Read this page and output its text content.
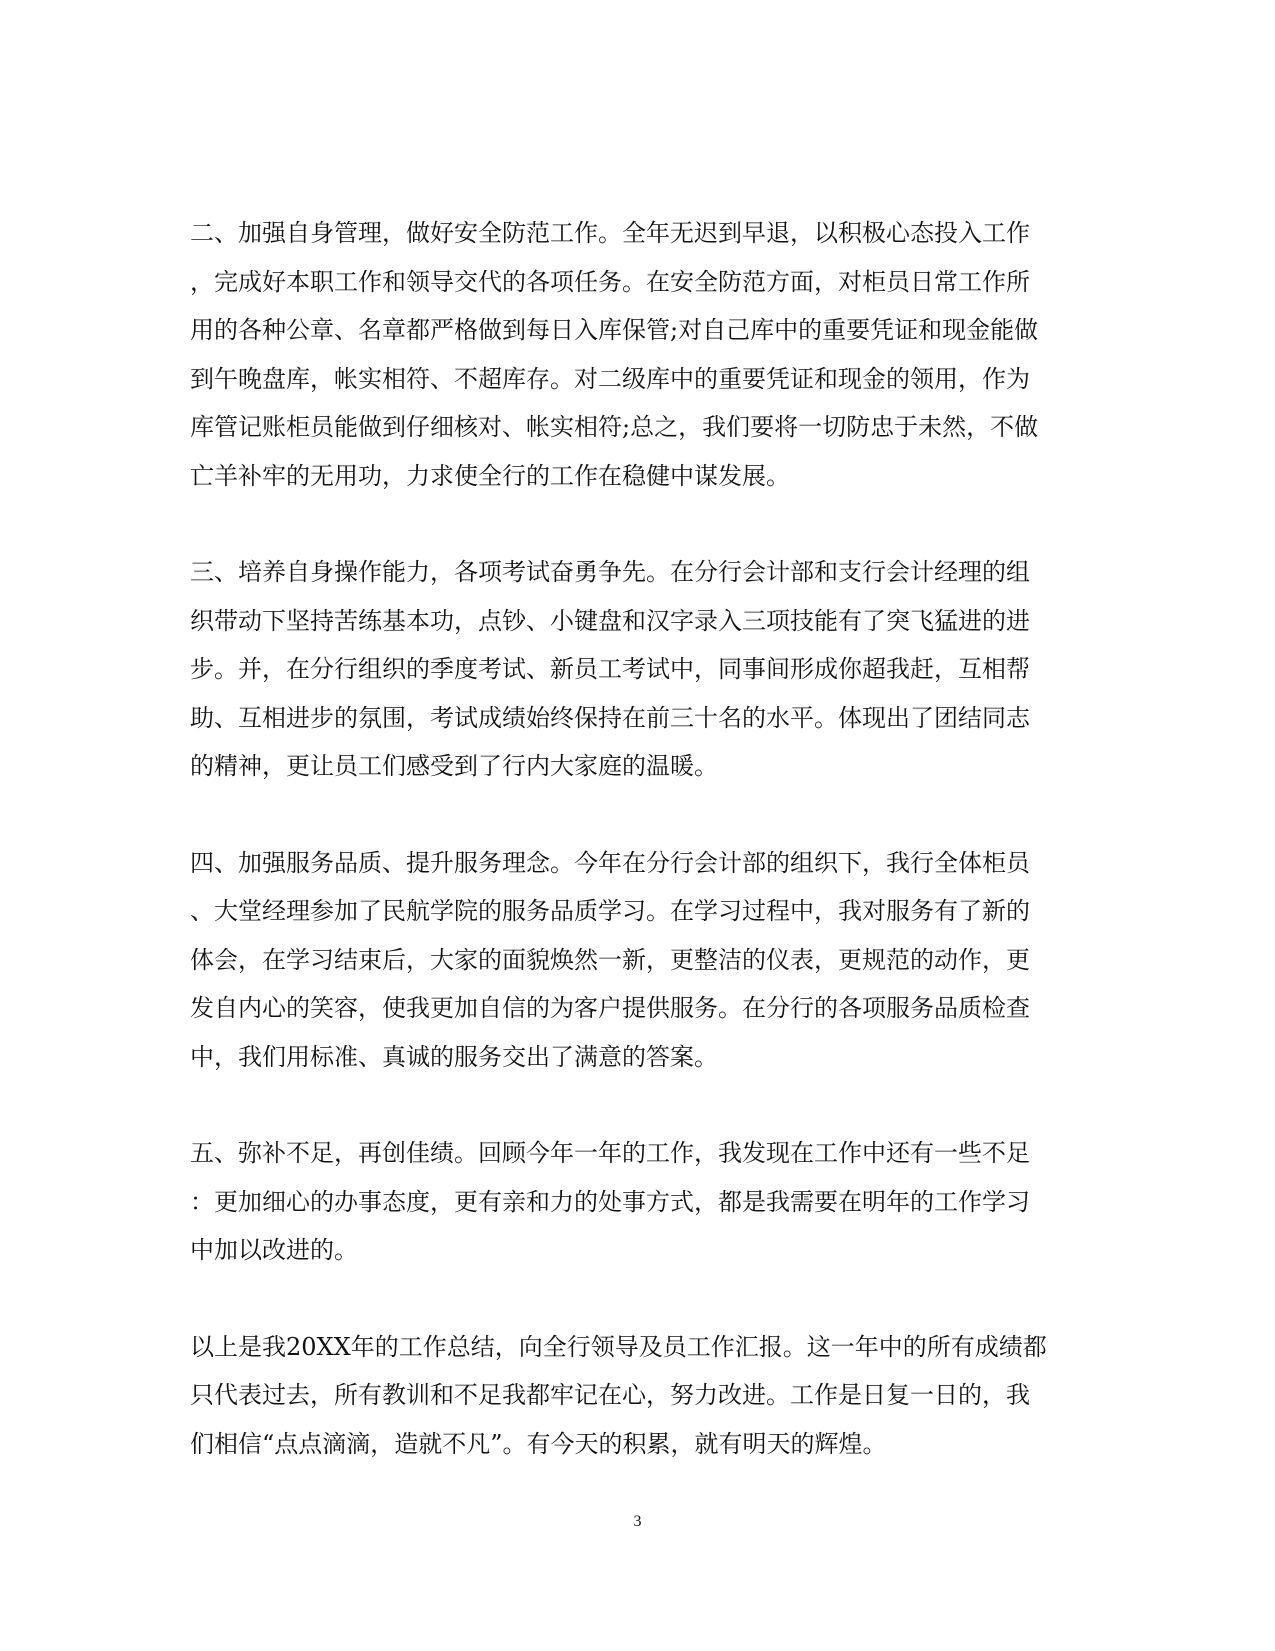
二、加强自身管理，做好安全防范工作。全年无迟到早退，以积极心态投入工作
，完成好本职工作和领导交代的各项任务。在安全防范方面，对柜员日常工作所
用的各种公章、名章都严格做到每日入库保管;对自己库中的重要凭证和现金能做
到午晚盘库，帐实相符、不超库存。对二级库中的重要凭证和现金的领用，作为
库管记账柜员能做到仔细核对、帐实相符;总之，我们要将一切防忠于未然，不做
亡羊补牢的无用功，力求使全行的工作在稳健中谋发展。

三、培养自身操作能力，各项考试奋勇争先。在分行会计部和支行会计经理的组
织带动下坚持苦练基本功，点钞、小键盘和汉字录入三项技能有了突飞猛进的进
步。并，在分行组织的季度考试、新员工考试中，同事间形成你超我赶，互相帮
助、互相进步的氛围，考试成绩始终保持在前三十名的水平。体现出了团结同志
的精神，更让员工们感受到了行内大家庭的温暖。

四、加强服务品质、提升服务理念。今年在分行会计部的组织下，我行全体柜员
、大堂经理参加了民航学院的服务品质学习。在学习过程中，我对服务有了新的
体会，在学习结束后，大家的面貌焕然一新，更整洁的仪表，更规范的动作，更
发自内心的笑容，使我更加自信的为客户提供服务。在分行的各项服务品质检查
中，我们用标准、真诚的服务交出了满意的答案。

五、弥补不足，再创佳绩。回顾今年一年的工作，我发现在工作中还有一些不足
：更加细心的办事态度，更有亲和力的处事方式，都是我需要在明年的工作学习
中加以改进的。

以上是我20XX年的工作总结，向全行领导及员工作汇报。这一年中的所有成绩都
只代表过去，所有教训和不足我都牢记在心，努力改进。工作是日复一日的，我
们相信“点点滴滴，造就不凡”。有今天的积累，就有明天的辉煌。

3
